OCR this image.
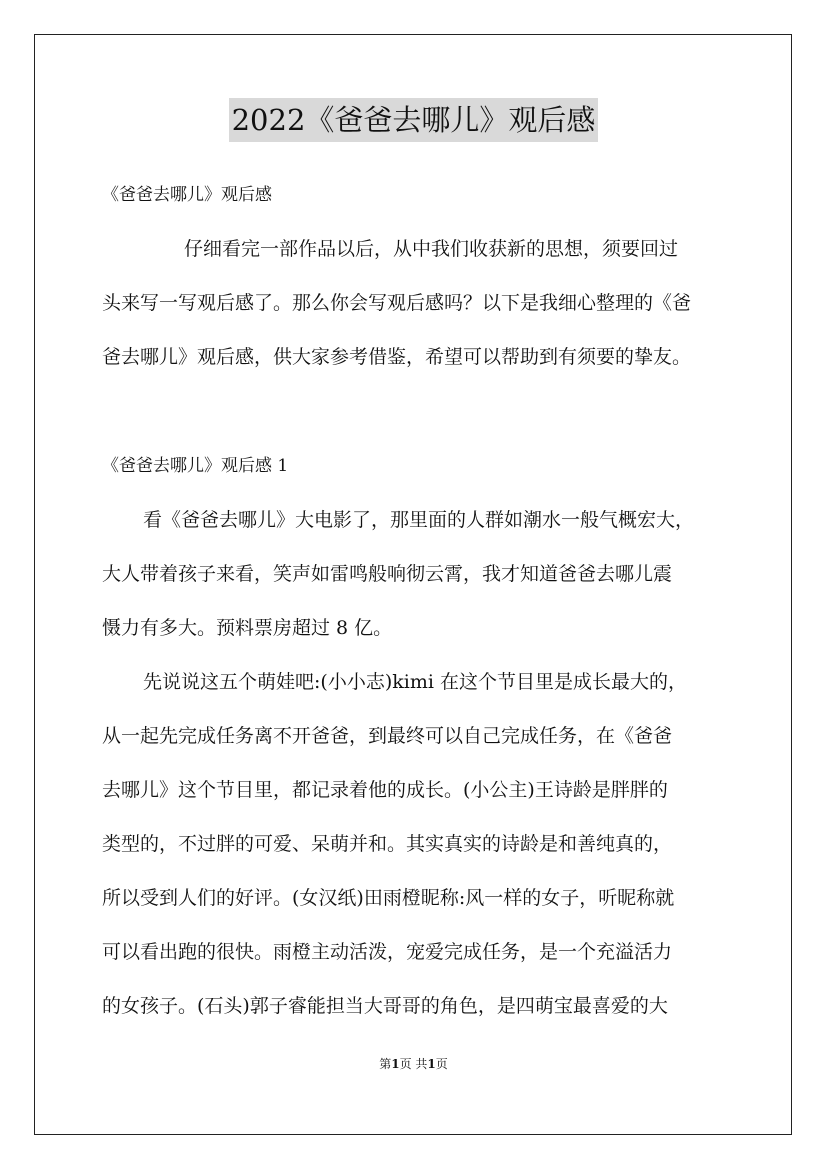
2022《爸爸去哪儿》观后感
《爸爸去哪儿》观后感
仔细看完一部作品以后，从中我们收获新的思想，须要回过
头来写一写观后感了。那么你会写观后感吗？以下是我细心整理的《爸
爸去哪儿》观后感，供大家参考借鉴，希望可以帮助到有须要的挚友。
《爸爸去哪儿》观后感 1
看《爸爸去哪儿》大电影了，那里面的人群如潮水一般气概宏大，
大人带着孩子来看，笑声如雷鸣般响彻云霄，我才知道爸爸去哪儿震
慑力有多大。预料票房超过 8 亿。
先说说这五个萌娃吧:(小小志)kimi 在这个节目里是成长最大的，
从一起先完成任务离不开爸爸，到最终可以自己完成任务，在《爸爸
去哪儿》这个节目里，都记录着他的成长。(小公主)王诗龄是胖胖的
类型的，不过胖的可爱、呆萌并和。其实真实的诗龄是和善纯真的，
所以受到人们的好评。(女汉纸)田雨橙昵称:风一样的女子，听昵称就
可以看出跑的很快。雨橙主动活泼，宠爱完成任务，是一个充溢活力
的女孩子。(石头)郭子睿能担当大哥哥的角色，是四萌宝最喜爱的大
第1页 共1页
